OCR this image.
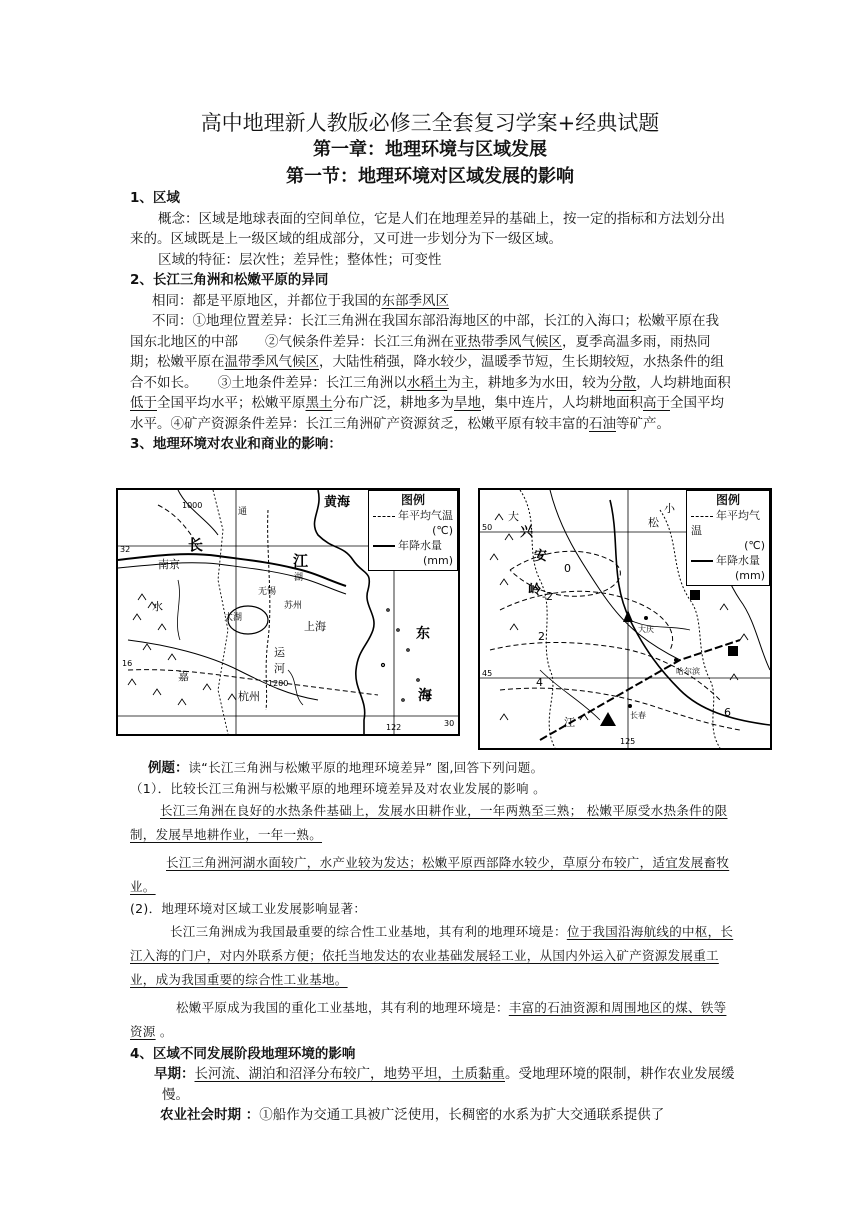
高中地理新人教版必修三全套复习学案+经典试题
第一章：地理环境与区域发展
第一节：地理环境对区域发展的影响

1、区域

概念：区域是地球表面的空间单位，它是人们在地理差异的基础上，按一定的指标和方法划分出来的。区域既是上一级区域的组成部分，又可进一步划分为下一级区域。

区域的特征：层次性；差异性；整体性；可变性

2、长江三角洲和松嫩平原的异同

相同：都是平原地区，并都位于我国的东部季风区

不同：①地理位置差异：长江三角洲在我国东部沿海地区的中部，长江的入海口；松嫩平原在我国东北地区的中部　　②气候条件差异：长江三角洲在亚热带季风气候区，夏季高温多雨，雨热同期；松嫩平原在温带季风气候区，大陆性稍强，降水较少，温暖季节短，生长期较短，水热条件的组合不如长。　　③土地条件差异：长江三角洲以水稻土为主，耕地多为水田，较为分散，人均耕地面积低于全国平均水平；松嫩平原黑土分布广泛，耕地多为旱地，集中连片，人均耕地面积高于全国平均水平。④矿产资源条件差异：长江三角洲矿产资源贫乏，松嫩平原有较丰富的石油等矿产。

3、地理环境对农业和商业的影响：

黄海
长
江
南京
无锡
太湖
上海	东
海
杭州
运
河
水	苏州
嘉
湖
1000
1200
32
16
30
122
通
图例
年平均气温
(℃)
年降水量
(mm)
兴
安
岭
0
-2
2
4
大庆
哈尔滨
长春
松
江
50
45
125
小
大
6
图例
年平均气温
(℃)
年降水量
(mm)

例题：读“长江三角洲与松嫩平原的地理环境差异” 图,回答下列问题。

（1）．比较长江三角洲与松嫩平原的地理环境差异及对农业发展的影响 。

长江三角洲在良好的水热条件基础上，发展水田耕作业，一年两熟至三熟； 松嫩平原受水热条件的限制，发展旱地耕作业，一年一熟。

长江三角洲河湖水面较广，水产业较为发达；松嫩平原西部降水较少，草原分布较广，适宜发展畜牧业。

(2)．地理环境对区域工业发展影响显著：

长江三角洲成为我国最重要的综合性工业基地，其有利的地理环境是：位于我国沿海航线的中枢，长江入海的门户，对内外联系方便；依托当地发达的农业基础发展轻工业，从国内外运入矿产资源发展重工业，成为我国重要的综合性工业基地。

松嫩平原成为我国的重化工业基地，其有利的地理环境是：丰富的石油资源和周围地区的煤、铁等资源 。

4、区域不同发展阶段地理环境的影响

早期：长河流、湖泊和沼泽分布较广，地势平坦，土质黏重。受地理环境的限制，耕作农业发展缓慢。

农业社会时期 ：①船作为交通工具被广泛使用，长稠密的水系为扩大交通联系提供了
